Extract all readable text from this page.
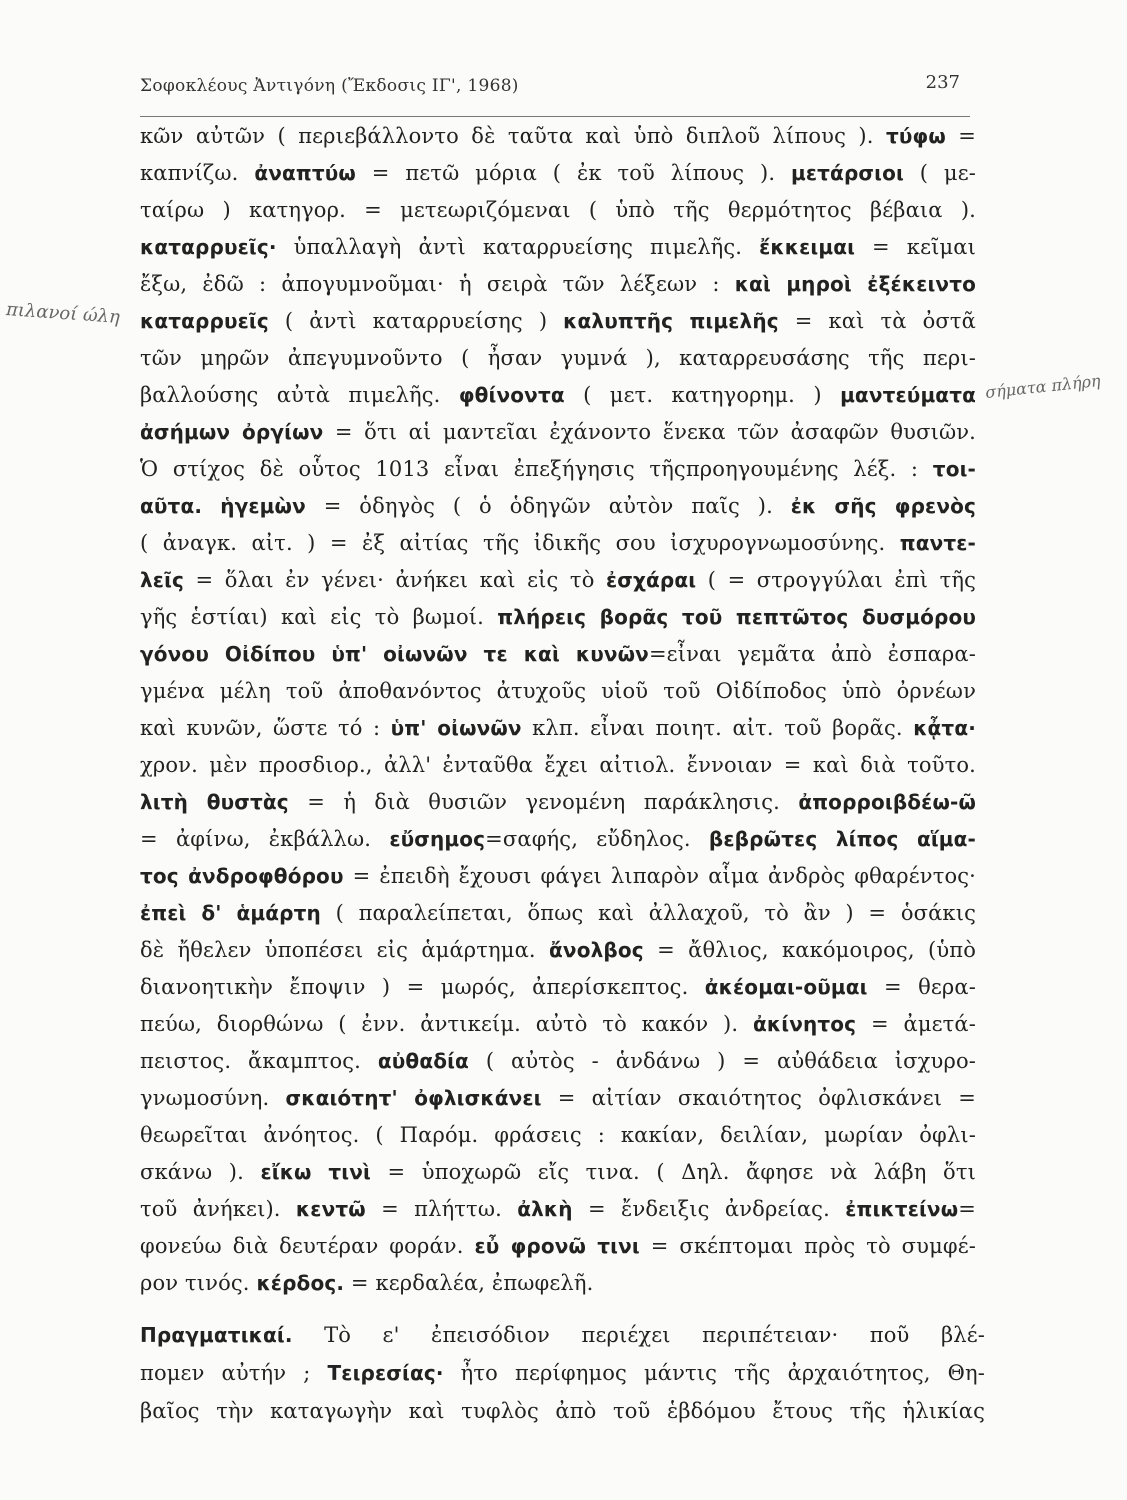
Σοφοκλέους Ἀντιγόνη (Ἔκδοσις ΙΓ', 1968)	237
πιλανοί ώλη
σήματα πλήρη
κῶν αὐτῶν ( περιεβάλλοντο δὲ ταῦτα καὶ ὑπὸ διπλοῦ λίπους ). τύφω =
καπνίζω. ἀναπτύω = πετῶ μόρια ( ἐκ τοῦ λίπους ). μετάρσιοι ( με-
ταίρω ) κατηγορ. = μετεωριζόμεναι ( ὑπὸ τῆς θερμότητος βέβαια ).
καταρρυεῖς· ὑπαλλαγὴ ἀντὶ καταρρυείσης πιμελῆς. ἔκκειμαι = κεῖμαι
ἔξω, ἐδῶ : ἀπογυμνοῦμαι· ἡ σειρὰ τῶν λέξεων : καὶ μηροὶ ἐξέκειντο
καταρρυεῖς ( ἀντὶ καταρρυείσης ) καλυπτῆς πιμελῆς = καὶ τὰ ὀστᾶ
τῶν μηρῶν ἀπεγυμνοῦντο ( ἦσαν γυμνά ), καταρρευσάσης τῆς περι-
βαλλούσης αὐτὰ πιμελῆς. φθίνοντα ( μετ. κατηγορημ. ) μαντεύματα
ἀσήμων ὀργίων = ὅτι αἱ μαντεῖαι ἐχάνοντο ἕνεκα τῶν ἀσαφῶν θυσιῶν.
Ὁ στίχος δὲ οὗτος 1013 εἶναι ἐπεξήγησις τῆςπροηγουμένης λέξ. : τοι-
αῦτα. ἡγεμὼν = ὁδηγὸς ( ὁ ὁδηγῶν αὐτὸν παῖς ). ἐκ σῆς φρενὸς
( ἀναγκ. αἰτ. ) = ἐξ αἰτίας τῆς ἰδικῆς σου ἰσχυρογνωμοσύνης. παντε-
λεῖς = ὅλαι ἐν γένει· ἀνήκει καὶ εἰς τὸ ἐσχάραι ( = στρογγύλαι ἐπὶ τῆς
γῆς ἑστίαι) καὶ εἰς τὸ βωμοί. πλήρεις βορᾶς τοῦ πεπτῶτος δυσμόρου
γόνου Οἰδίπου ὑπ' οἰωνῶν τε καὶ κυνῶν=εἶναι γεμᾶτα ἀπὸ ἐσπαρα-
γμένα μέλη τοῦ ἀποθανόντος ἀτυχοῦς υἱοῦ τοῦ Οἰδίποδος ὑπὸ ὀρνέων
καὶ κυνῶν, ὥστε τό : ὑπ' οἰωνῶν κλπ. εἶναι ποιητ. αἰτ. τοῦ βορᾶς. κᾆτα·
χρον. μὲν προσδιορ., ἀλλ' ἐνταῦθα ἔχει αἰτιολ. ἔννοιαν = καὶ διὰ τοῦτο.
λιτὴ θυστὰς = ἡ διὰ θυσιῶν γενομένη παράκλησις. ἀπορροιβδέω-ῶ
= ἀφίνω, ἐκβάλλω. εὔσημος=σαφής, εὔδηλος. βεβρῶτες λίπος αἵμα-
τος ἀνδροφθόρου = ἐπειδὴ ἔχουσι φάγει λιπαρὸν αἷμα ἀνδρὸς φθαρέντος·
ἐπεὶ δ' ἁμάρτη ( παραλείπεται, ὅπως καὶ ἀλλαχοῦ, τὸ ἂν ) = ὁσάκις
δὲ ἤθελεν ὑποπέσει εἰς ἁμάρτημα. ἄνολβος = ἄθλιος, κακόμοιρος, (ὑπὸ
διανοητικὴν ἔποψιν ) = μωρός, ἀπερίσκεπτος. ἀκέομαι-οῦμαι = θερα-
πεύω, διορθώνω ( ἐνν. ἀντικείμ. αὐτὸ τὸ κακόν ). ἀκίνητος = ἀμετά-
πειστος. ἄκαμπτος. αὐθαδία ( αὐτὸς - ἁνδάνω ) = αὐθάδεια ἰσχυρο-
γνωμοσύνη. σκαιότητ' ὀφλισκάνει = αἰτίαν σκαιότητος ὀφλισκάνει =
θεωρεῖται ἀνόητος. ( Παρόμ. φράσεις : κακίαν, δειλίαν, μωρίαν ὀφλι-
σκάνω ). εἴκω τινὶ = ὑποχωρῶ εἴς τινα. ( Δηλ. ἄφησε νὰ λάβη ὅτι
τοῦ ἀνήκει). κεντῶ = πλήττω. ἀλκὴ = ἔνδειξις ἀνδρείας. ἐπικτείνω=
φονεύω διὰ δευτέραν φοράν. εὖ φρονῶ τινι = σκέπτομαι πρὸς τὸ συμφέ-
ρον τινός. κέρδος. = κερδαλέα, ἐπωφελῆ.
Πραγματικαί. Τὸ ε' ἐπεισόδιον περιέχει περιπέτειαν· ποῦ βλέ-
πομεν αὐτήν ; Τειρεσίας· ἦτο περίφημος μάντις τῆς ἀρχαιότητος, Θη-
βαῖος τὴν καταγωγὴν καὶ τυφλὸς ἀπὸ τοῦ ἑβδόμου ἔτους τῆς ἡλικίας
